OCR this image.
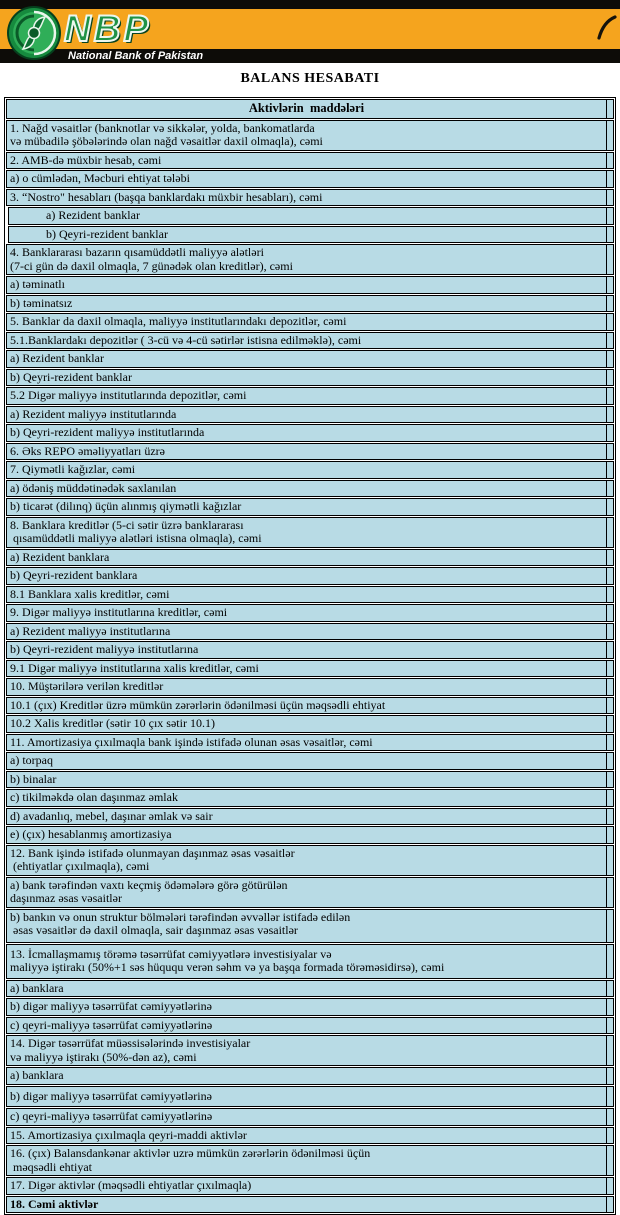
NBP
National Bank of Pakistan
BALANS HESABATI
Aktivlərin  maddələri
1. Nağd vəsaitlər (banknotlar və sikkələr, yolda, bankomatlarda
və mübadilə şöbələrində olan nağd vəsaitlər daxil olmaqla), cəmi
2. AMB-də müxbir hesab, cəmi
a) o cümlədən, Məcburi ehtiyat tələbi
3. “Nostro" hesabları (başqa banklardakı müxbir hesabları), cəmi
a) Rezident banklar
b) Qeyri-rezident banklar
4. Banklararası bazarın qısamüddətli maliyyə alətləri
(7-ci gün də daxil olmaqla, 7 günədək olan kreditlər), cəmi
a) təminatlı
b) təminatsız
5. Banklar da daxil olmaqla, maliyyə institutlarındakı depozitlər, cəmi
5.1.Banklardakı depozitlər ( 3-cü və 4-cü sətirlər istisna edilməklə), cəmi
a) Rezident banklar
b) Qeyri-rezident banklar
5.2 Digər maliyyə institutlarında depozitlər, cəmi
a) Rezident maliyyə institutlarında
b) Qeyri-rezident maliyyə institutlarında
6. Əks REPO əməliyyatları üzrə
7. Qiymətli kağızlar, cəmi
a) ödəniş müddətinədək saxlanılan
b) ticarət (dilınq) üçün alınmış qiymətli kağızlar
8. Banklara kreditlər (5-ci sətir üzrə banklararası
qısamüddətli maliyyə alətləri istisna olmaqla), cəmi
a) Rezident banklara
b) Qeyri-rezident banklara
8.1 Banklara xalis kreditlər, cəmi
9. Digər maliyyə institutlarına kreditlər, cəmi
a) Rezident maliyyə institutlarına
b) Qeyri-rezident maliyyə institutlarına
9.1 Digər maliyyə institutlarına xalis kreditlər, cəmi
10. Müştərilərə verilən kreditlər
10.1 (çıx) Kreditlər üzrə mümkün zərərlərin ödənilməsi üçün məqsədli ehtiyat
10.2 Xalis kreditlər (sətir 10 çıx sətir 10.1)
11. Amortizasiya çıxılmaqla bank işində istifadə olunan əsas vəsaitlər, cəmi
a) torpaq
b) binalar
c) tikilməkdə olan daşınmaz əmlak
d) avadanlıq, mebel, daşınar əmlak və sair
e) (çıx) hesablanmış amortizasiya
12. Bank işində istifadə olunmayan daşınmaz əsas vəsaitlər
(ehtiyatlar çıxılmaqla), cəmi
a) bank tərəfindən vaxtı keçmiş ödəmələrə görə götürülən
daşınmaz əsas vəsaitlər
b) bankın və onun struktur bölmələri tərəfindən əvvəllər istifadə edilən
əsas vəsaitlər də daxil olmaqla, sair daşınmaz əsas vəsaitlər
13. İcmallaşmamış törəmə təsərrüfat cəmiyyətlərə investisiyalar və
maliyyə iştirakı (50%+1 səs hüququ verən səhm və ya başqa formada törəməsidirsə), cəmi
a) banklara
b) digər maliyyə təsərrüfat cəmiyyətlərinə
c) qeyri-maliyyə təsərrüfat cəmiyyətlərinə
14. Digər təsərrüfat müəssisələrində investisiyalar
və maliyyə iştirakı (50%-dən az), cəmi
a) banklara
b) digər maliyyə təsərrüfat cəmiyyətlərinə
c) qeyri-maliyyə təsərrüfat cəmiyyətlərinə
15. Amortizasiya çıxılmaqla qeyri-maddi aktivlər
16. (çıx) Balansdankənar aktivlər uzrə mümkün zərərlərin ödənilməsi üçün
məqsədli ehtiyat
17. Digər aktivlər (məqsədli ehtiyatlar çıxılmaqla)
18. Cəmi aktivlər
